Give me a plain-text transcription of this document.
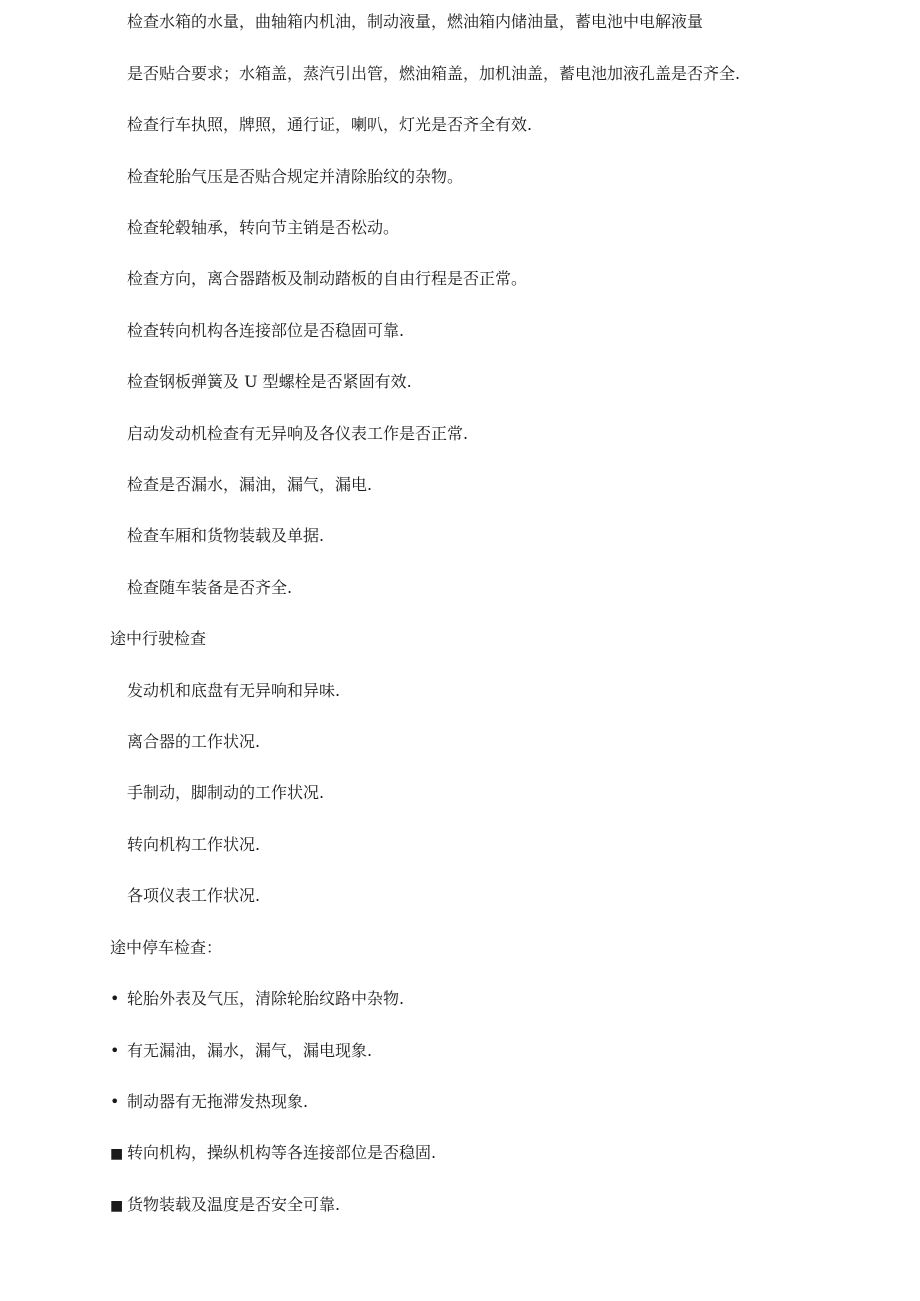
检查水箱的水量，曲轴箱内机油，制动液量，燃油箱内储油量，蓄电池中电解液量
是否贴合要求；水箱盖，蒸汽引出管，燃油箱盖，加机油盖，蓄电池加液孔盖是否齐全.
检查行车执照，牌照，通行证，喇叭，灯光是否齐全有效.
检查轮胎气压是否贴合规定并清除胎纹的杂物。
检查轮毂轴承，转向节主销是否松动。
检查方向，离合器踏板及制动踏板的自由行程是否正常。
检查转向机构各连接部位是否稳固可靠.
检查钢板弹簧及 U 型螺栓是否紧固有效.
启动发动机检查有无异响及各仪表工作是否正常.
检查是否漏水，漏油，漏气，漏电.
检查车厢和货物装载及单据.
检查随车装备是否齐全.
途中行驶检查
发动机和底盘有无异响和异味.
离合器的工作状况.
手制动，脚制动的工作状况.
转向机构工作状况.
各项仪表工作状况.
途中停车检查：
• 轮胎外表及气压，清除轮胎纹路中杂物.
• 有无漏油，漏水，漏气，漏电现象.
• 制动器有无拖滞发热现象.
■ 转向机构，操纵机构等各连接部位是否稳固.
■ 货物装载及温度是否安全可靠.
